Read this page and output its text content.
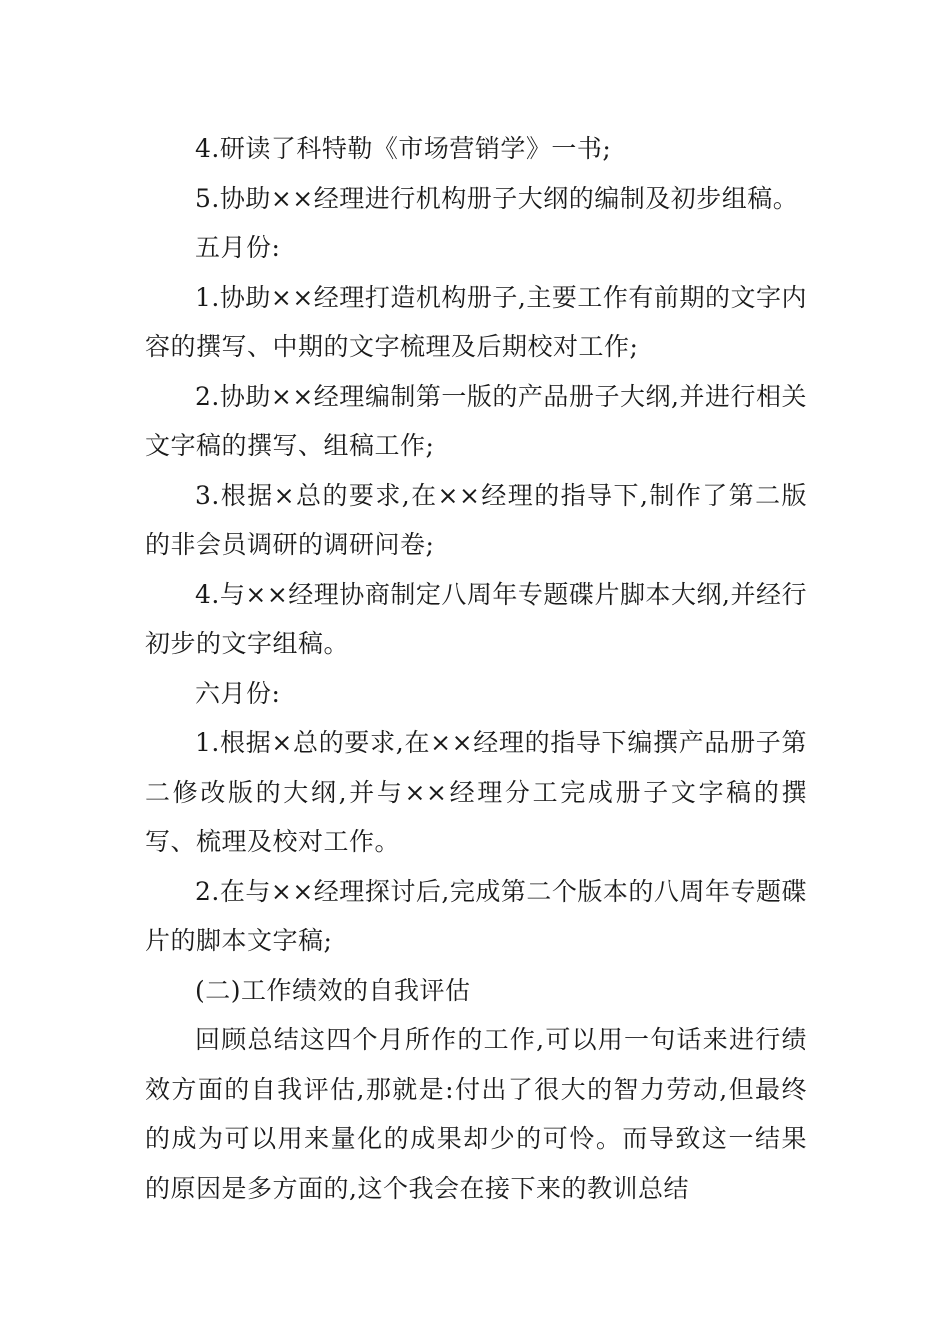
4.研读了科特勒《市场营销学》一书;

5.协助××经理进行机构册子大纲的编制及初步组稿。

五月份:

1.协助××经理打造机构册子,主要工作有前期的文字内容的撰写、中期的文字梳理及后期校对工作;

2.协助××经理编制第一版的产品册子大纲,并进行相关文字稿的撰写、组稿工作;

3.根据×总的要求,在××经理的指导下,制作了第二版的非会员调研的调研问卷;

4.与××经理协商制定八周年专题碟片脚本大纲,并经行初步的文字组稿。

六月份:

1.根据×总的要求,在××经理的指导下编撰产品册子第二修改版的大纲,并与××经理分工完成册子文字稿的撰写、梳理及校对工作。

2.在与××经理探讨后,完成第二个版本的八周年专题碟片的脚本文字稿;

(二)工作绩效的自我评估

回顾总结这四个月所作的工作,可以用一句话来进行绩效方面的自我评估,那就是:付出了很大的智力劳动,但最终的成为可以用来量化的成果却少的可怜。而导致这一结果的原因是多方面的,这个我会在接下来的教训总结
